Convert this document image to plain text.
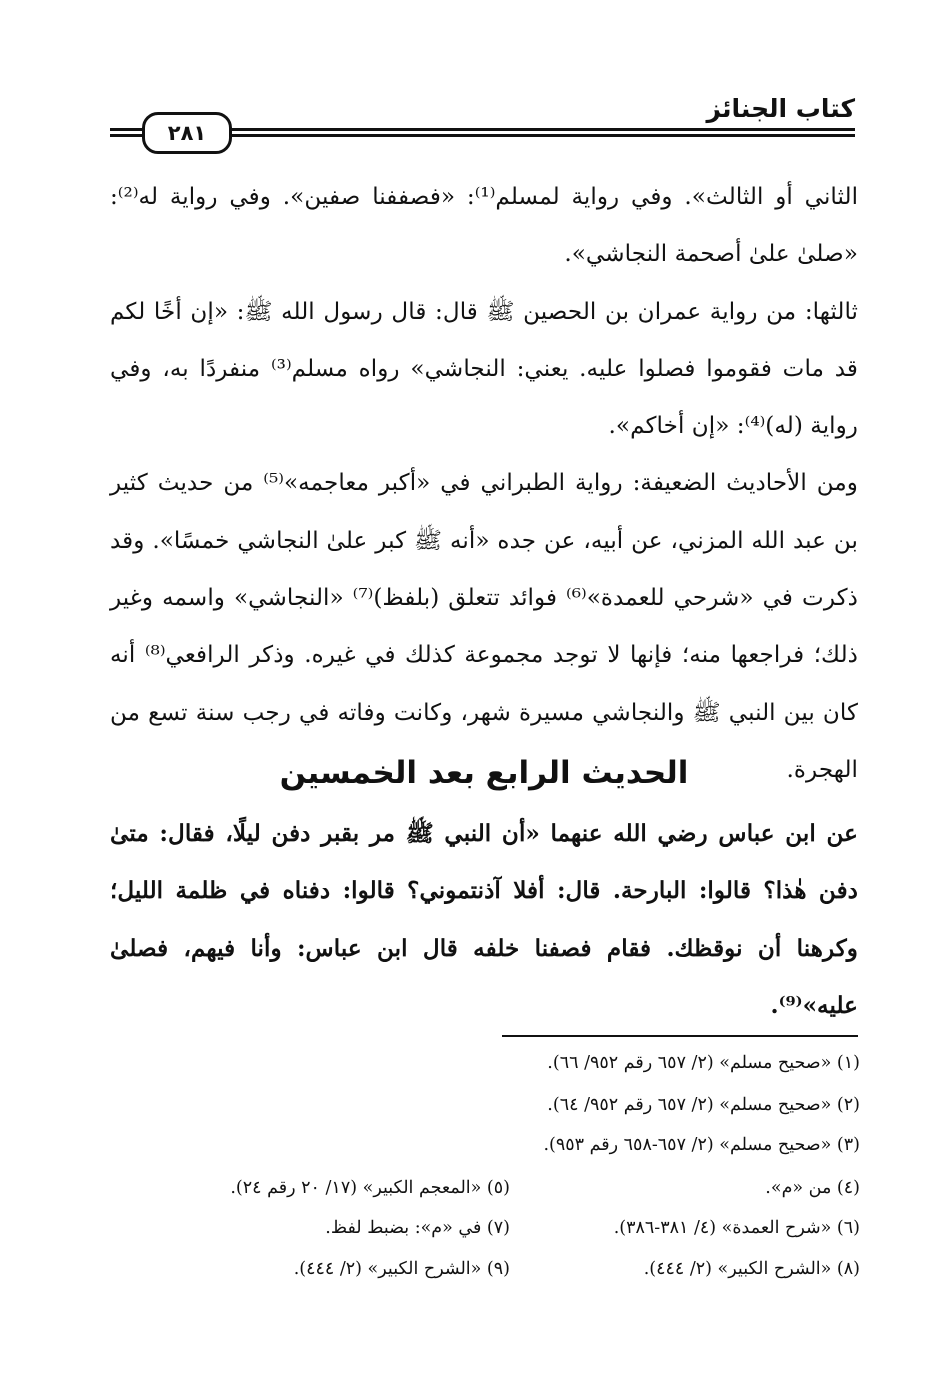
كتاب الجنائز
٢٨١

الثاني أو الثالث». وفي رواية لمسلم⁽¹⁾: «فصففنا صفين». وفي رواية له⁽²⁾: «صلىٰ علىٰ أصحمة النجاشي».

ثالثها: من رواية عمران بن الحصين ﷺ قال: قال رسول الله ﷺ: «إن أخًا لكم قد مات فقوموا فصلوا عليه. يعني: النجاشي» رواه مسلم⁽³⁾ منفردًا به، وفي رواية (له)⁽⁴⁾: «إن أخاكم».

ومن الأحاديث الضعيفة: رواية الطبراني في «أكبر معاجمه»⁽⁵⁾ من حديث كثير بن عبد الله المزني، عن أبيه، عن جده «أنه ﷺ كبر علىٰ النجاشي خمسًا». وقد ذكرت في «شرحي للعمدة»⁽⁶⁾ فوائد تتعلق (بلفظ)⁽⁷⁾ «النجاشي» واسمه وغير ذلك؛ فراجعها منه؛ فإنها لا توجد مجموعة كذلك في غيره. وذكر الرافعي⁽⁸⁾ أنه كان بين النبي ﷺ والنجاشي مسيرة شهر، وكانت وفاته في رجب سنة تسع من الهجرة.

الحديث الرابع بعد الخمسين

عن ابن عباس رضي الله عنهما «أن النبي ﷺ مر بقبر دفن ليلًا، فقال: متىٰ دفن هٰذا؟ قالوا: البارحة. قال: أفلا آذنتموني؟ قالوا: دفناه في ظلمة الليل؛ وكرهنا أن نوقظك. فقام فصفنا خلفه قال ابن عباس: وأنا فيهم، فصلىٰ عليه»⁽⁹⁾.

(١) «صحيح مسلم» (٢/ ٦٥٧ رقم ٩٥٢/ ٦٦).
(٢) «صحيح مسلم» (٢/ ٦٥٧ رقم ٩٥٢/ ٦٤).
(٣) «صحيح مسلم» (٢/ ٦٥٧-٦٥٨ رقم ٩٥٣).
(٤) من «م».
(٥) «المعجم الكبير» (١٧/ ٢٠ رقم ٢٤).
(٦) «شرح العمدة» (٤/ ٣٨١-٣٨٦).
(٧) في «م»: بضبط لفظ.
(٨) «الشرح الكبير» (٢/ ٤٤٤).
(٩) «الشرح الكبير» (٢/ ٤٤٤).
